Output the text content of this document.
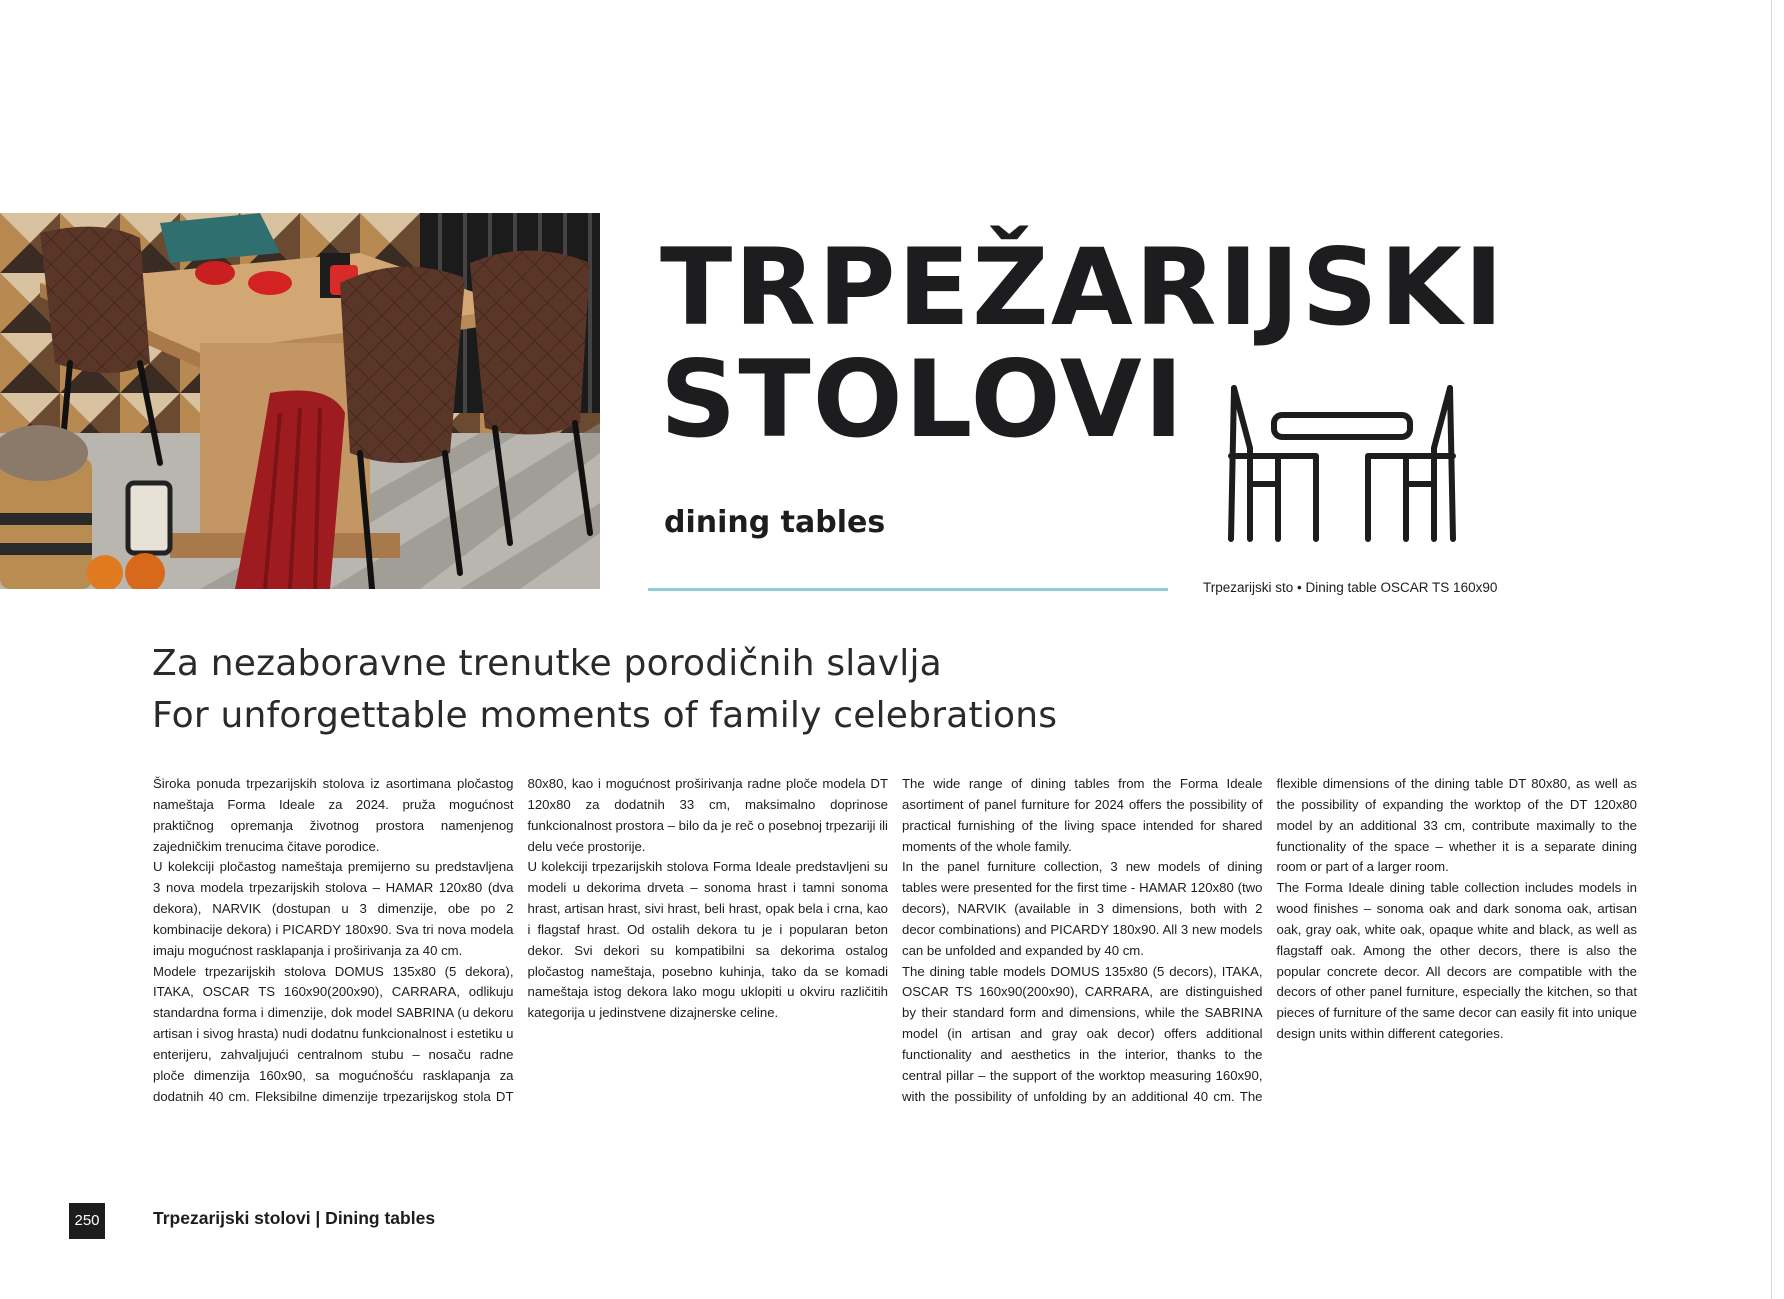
TRPEŽARIJSKI
STOLOVI
dining tables
Trpezarijski sto • Dining table OSCAR TS 160x90
Za nezaboravne trenutke porodičnih slavlja
For unforgettable moments of family celebrations

Široka ponuda trpezarijskih stolova iz asortimana pločastog nameštaja Forma Ideale za 2024. pruža mogućnost praktičnog opremanja životnog prostora namenjenog zajedničkim trenucima čitave porodice.

U kolekciji pločastog nameštaja premijerno su predstavljena 3 nova modela trpezarijskih stolova – HAMAR 120x80 (dva dekora), NARVIK (dostupan u 3 dimenzije, obe po 2 kombinacije dekora) i PICARDY 180x90. Sva tri nova modela imaju mogućnost rasklapanja i proširivanja za 40 cm.

Modele trpezarijskih stolova DOMUS 135x80 (5 dekora), ITAKA, OSCAR TS 160x90(200x90), CARRARA, odlikuju standardna forma i dimenzije, dok model SABRINA (u dekoru artisan i sivog hrasta) nudi dodatnu funkcionalnost i estetiku u enterijeru, zahvaljujući centralnom stubu – nosaču radne ploče dimenzija 160x90, sa mogućnošću rasklapanja za dodatnih 40 cm. Fleksibilne dimenzije trpezarijskog stola DT 80x80, kao i mogućnost proširivanja radne ploče modela DT 120x80 za dodatnih 33 cm, maksimalno doprinose funkcionalnost prostora – bilo da je reč o posebnoj trpezariji ili delu veće prostorije.

U kolekciji trpezarijskih stolova Forma Ideale predstavljeni su modeli u dekorima drveta – sonoma hrast i tamni sonoma hrast, artisan hrast, sivi hrast, beli hrast, opak bela i crna, kao i flagstaf hrast. Od ostalih dekora tu je i popularan beton dekor. Svi dekori su kompatibilni sa dekorima ostalog pločastog nameštaja, posebno kuhinja, tako da se komadi nameštaja istog dekora lako mogu uklopiti u okviru različitih kategorija u jedinstvene dizajnerske celine.

The wide range of dining tables from the Forma Ideale asortiment of panel furniture for 2024 offers the possibility of practical furnishing of the living space intended for shared moments of the whole family.

In the panel furniture collection, 3 new models of dining tables were presented for the first time - HAMAR 120x80 (two decors), NARVIK (available in 3 dimensions, both with 2 decor combinations) and PICARDY 180x90. All 3 new models can be unfolded and expanded by 40 cm.

The dining table models DOMUS 135x80 (5 decors), ITAKA, OSCAR TS 160x90(200x90), CARRARA, are distinguished by their standard form and dimensions, while the SABRINA model (in artisan and gray oak decor) offers additional functionality and aesthetics in the interior, thanks to the central pillar – the support of the worktop measuring 160x90, with the possibility of unfolding by an additional 40 cm. The flexible dimensions of the dining table DT 80x80, as well as the possibility of expanding the worktop of the DT 120x80 model by an additional 33 cm, contribute maximally to the functionality of the space – whether it is a separate dining room or part of a larger room.

The Forma Ideale dining table collection includes models in wood finishes – sonoma oak and dark sonoma oak, artisan oak, gray oak, white oak, opaque white and black, as well as flagstaff oak. Among the other decors, there is also the popular concrete decor. All decors are compatible with the decors of other panel furniture, especially the kitchen, so that pieces of furniture of the same decor can easily fit into unique design units within different categories.

250	Trpezarijski stolovi | Dining tables
